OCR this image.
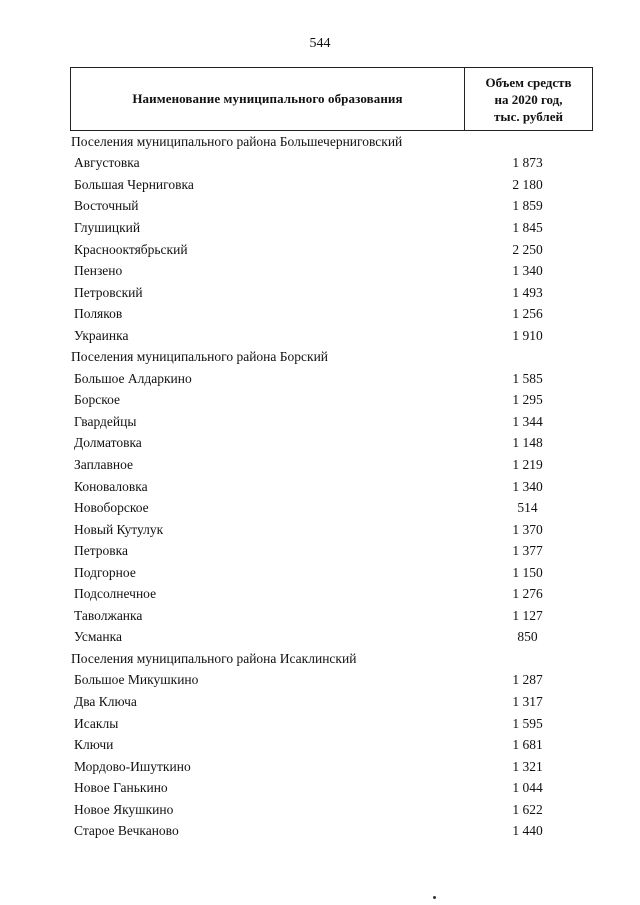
544
Наименование муниципального образования
Объем средств
на 2020 год,
тыс. рублей
Поселения муниципального района Большечерниговский
Августовка	1 873
Большая Черниговка	2 180
Восточный	1 859
Глушицкий	1 845
Краснооктябрьский	2 250
Пензено	1 340
Петровский	1 493
Поляков	1 256
Украинка	1 910
Поселения муниципального района Борский
Большое Алдаркино	1 585
Борское	1 295
Гвардейцы	1 344
Долматовка	1 148
Заплавное	1 219
Коноваловка	1 340
Новоборское	514
Новый Кутулук	1 370
Петровка	1 377
Подгорное	1 150
Подсолнечное	1 276
Таволжанка	1 127
Усманка	850
Поселения муниципального района Исаклинский
Большое Микушкино	1 287
Два Ключа	1 317
Исаклы	1 595
Ключи	1 681
Мордово-Ишуткино	1 321
Новое Ганькино	1 044
Новое Якушкино	1 622
Старое Вечканово	1 440
